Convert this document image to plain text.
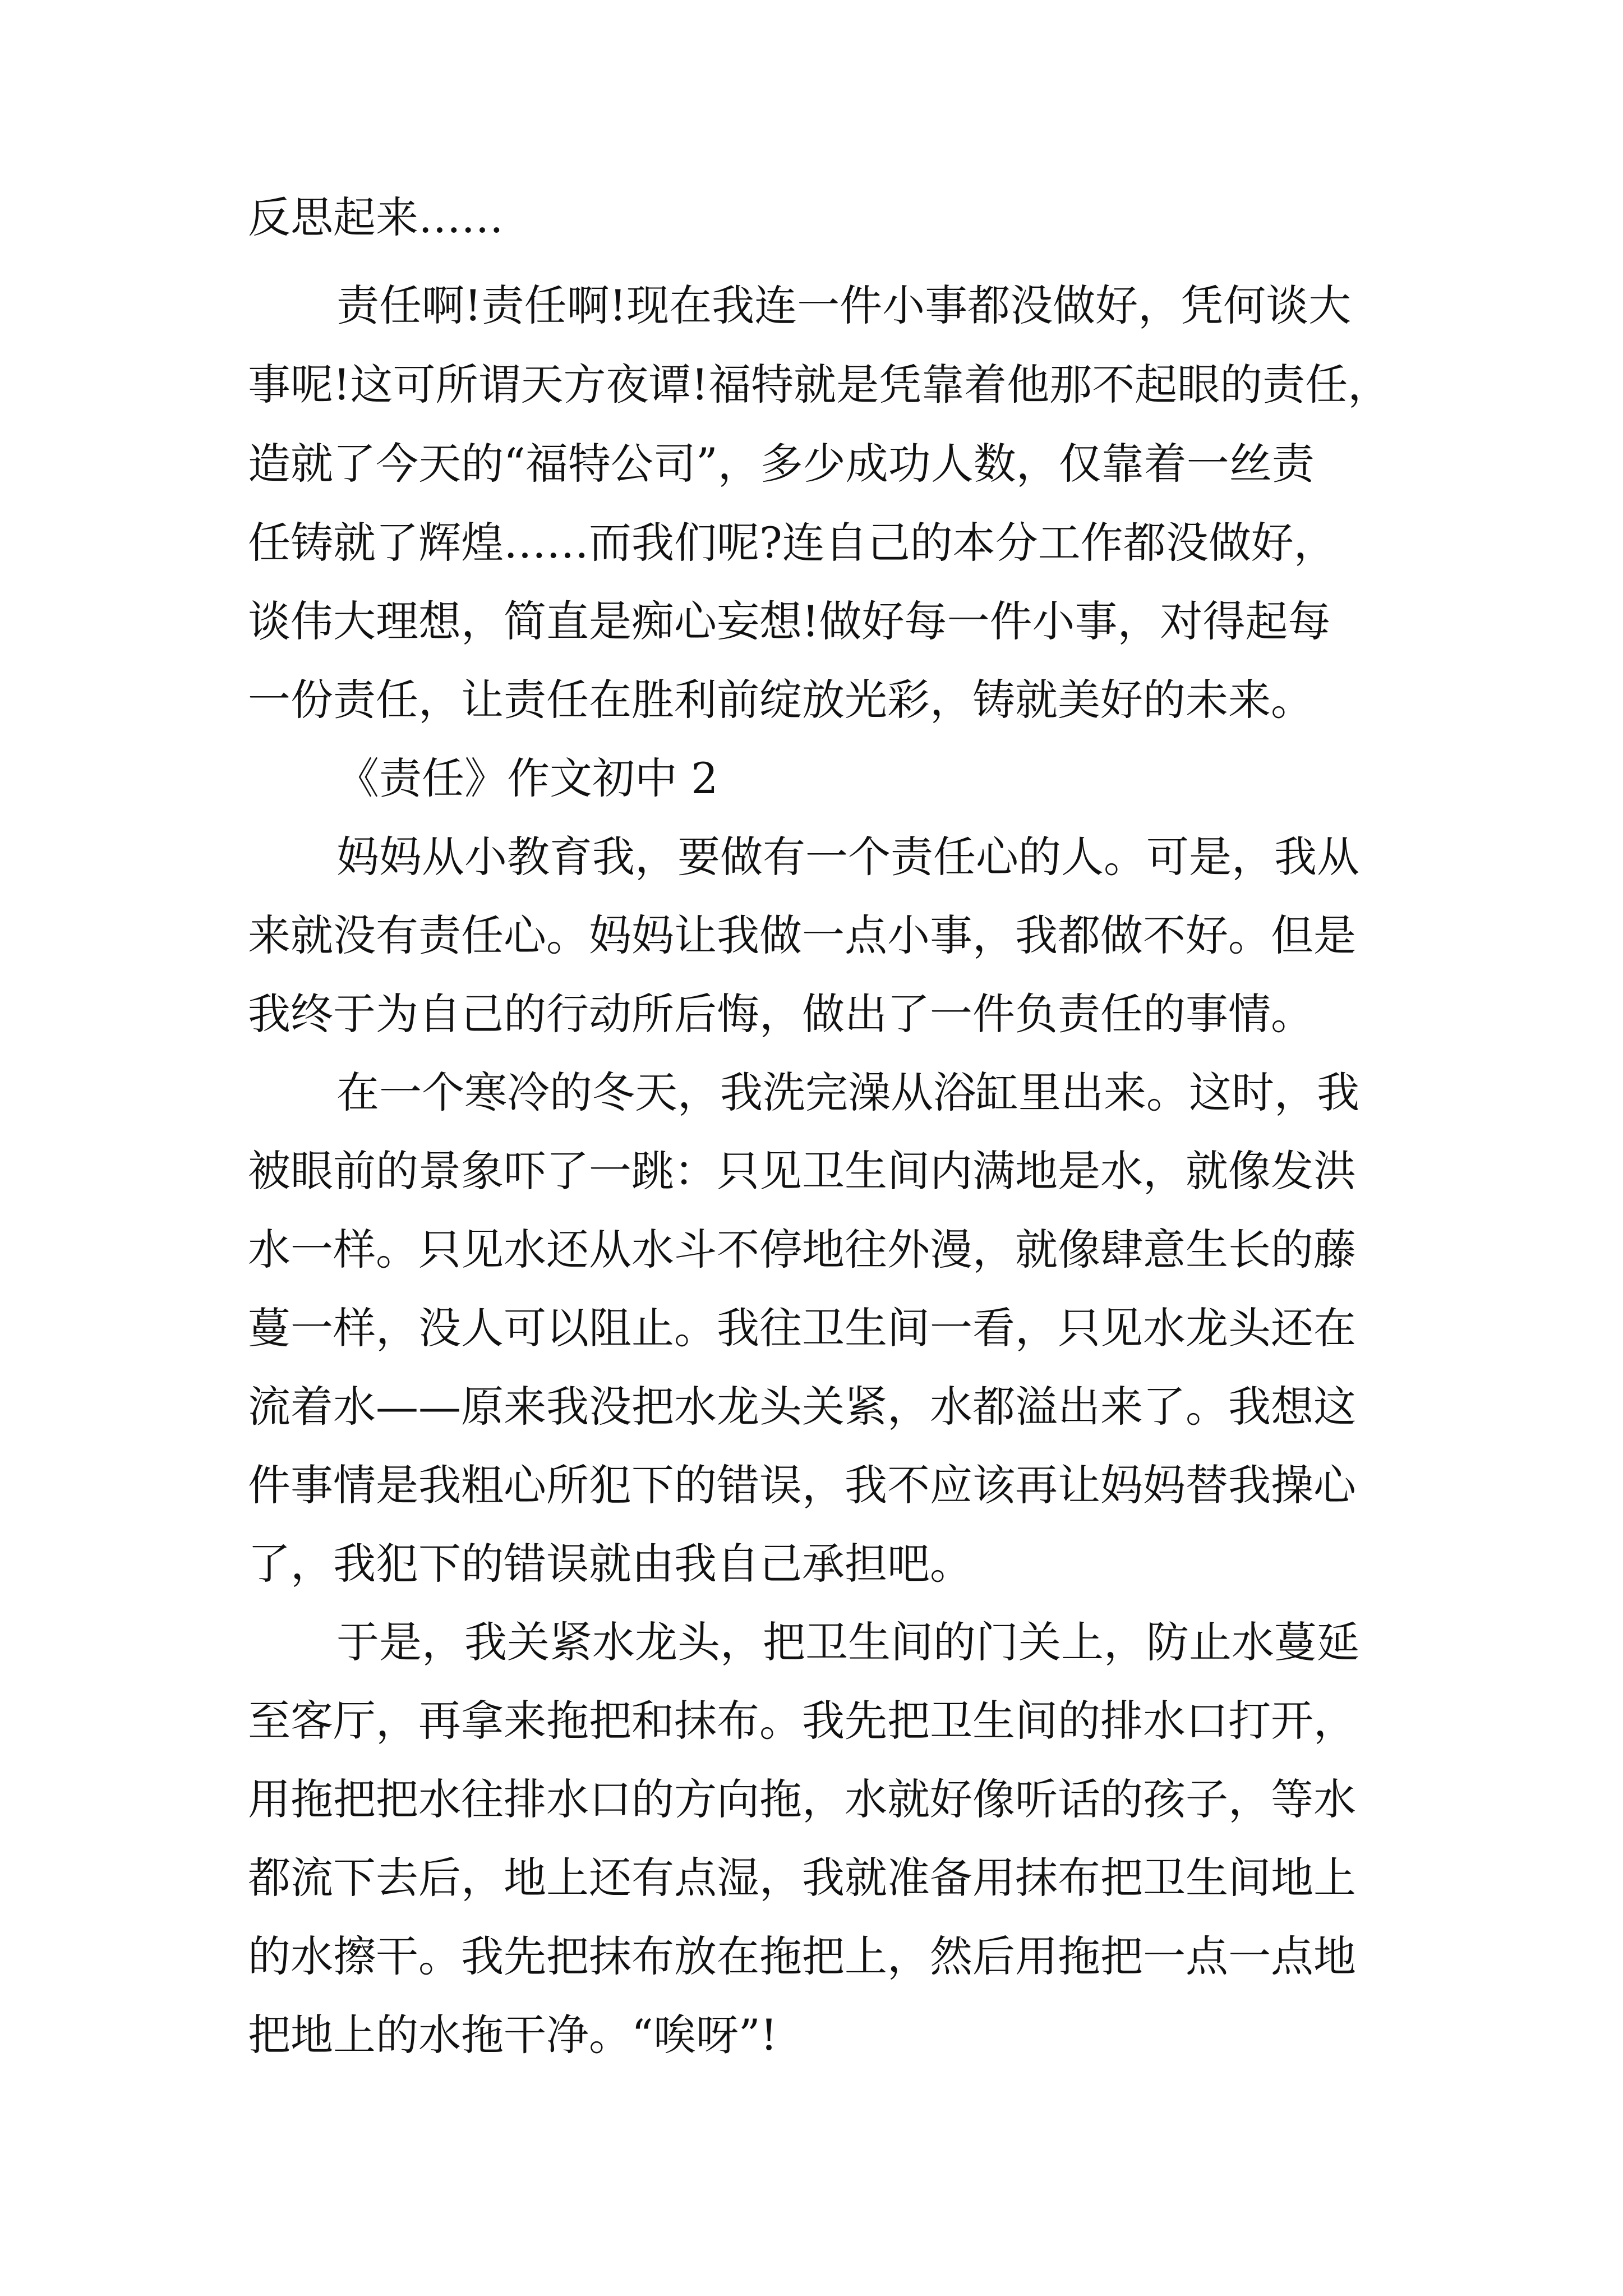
反思起来……
责任啊!责任啊!现在我连一件小事都没做好，凭何谈大
事呢!这可所谓天方夜谭!福特就是凭靠着他那不起眼的责任，
造就了今天的“福特公司”，多少成功人数，仅靠着一丝责
任铸就了辉煌……而我们呢?连自己的本分工作都没做好，
谈伟大理想，简直是痴心妄想!做好每一件小事，对得起每
一份责任，让责任在胜利前绽放光彩，铸就美好的未来。
《责任》作文初中 2
妈妈从小教育我，要做有一个责任心的人。可是，我从
来就没有责任心。妈妈让我做一点小事，我都做不好。但是
我终于为自己的行动所后悔，做出了一件负责任的事情。
在一个寒冷的冬天，我洗完澡从浴缸里出来。这时，我
被眼前的景象吓了一跳：只见卫生间内满地是水，就像发洪
水一样。只见水还从水斗不停地往外漫，就像肆意生长的藤
蔓一样，没人可以阻止。我往卫生间一看，只见水龙头还在
流着水——原来我没把水龙头关紧，水都溢出来了。我想这
件事情是我粗心所犯下的错误，我不应该再让妈妈替我操心
了，我犯下的错误就由我自己承担吧。
于是，我关紧水龙头，把卫生间的门关上，防止水蔓延
至客厅，再拿来拖把和抹布。我先把卫生间的排水口打开，
用拖把把水往排水口的方向拖，水就好像听话的孩子，等水
都流下去后，地上还有点湿，我就准备用抹布把卫生间地上
的水擦干。我先把抹布放在拖把上，然后用拖把一点一点地
把地上的水拖干净。“唉呀”!
